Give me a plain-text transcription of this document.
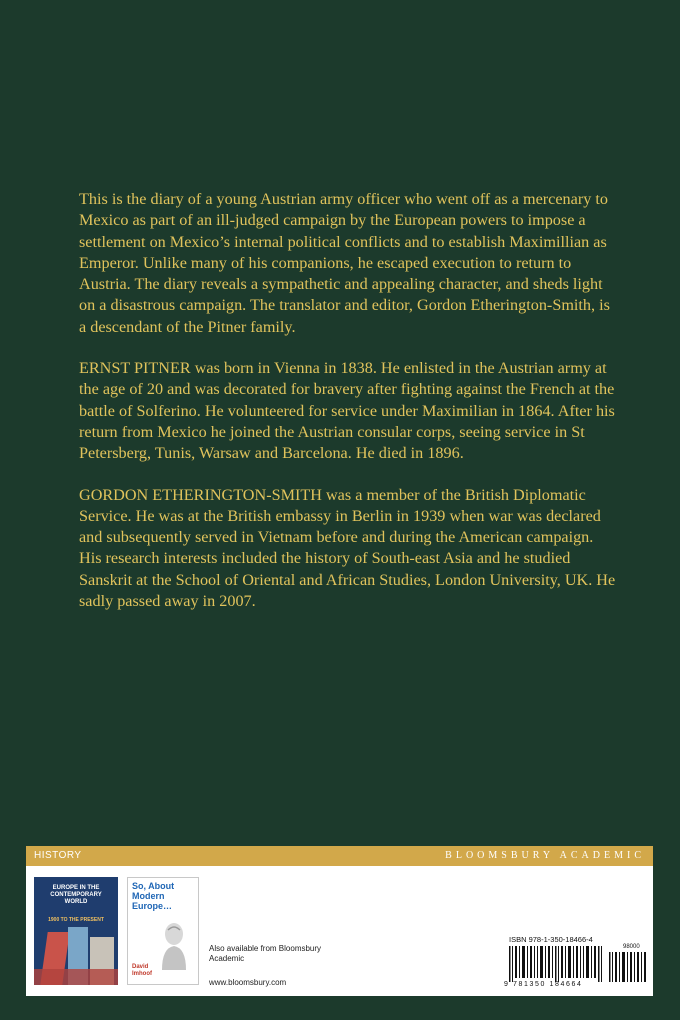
This is the diary of a young Austrian army officer who went off as a mercenary to Mexico as part of an ill-judged campaign by the European powers to impose a settlement on Mexico’s internal political conflicts and to establish Maximillian as Emperor. Unlike many of his companions, he escaped execution to return to Austria. The diary reveals a sympathetic and appealing character, and sheds light on a disastrous campaign. The translator and editor, Gordon Etherington-Smith, is a descendant of the Pitner family.

ERNST PITNER was born in Vienna in 1838. He enlisted in the Austrian army at the age of 20 and was decorated for bravery after fighting against the French at the battle of Solferino. He volunteered for service under Maximilian in 1864. After his return from Mexico he joined the Austrian consular corps, seeing service in St Petersberg, Tunis, Warsaw and Barcelona. He died in 1896.

GORDON ETHERINGTON-SMITH was a member of the British Diplomatic Service. He was at the British embassy in Berlin in 1939 when war was declared and subsequently served in Vietnam before and during the American campaign. His research interests included the history of South-east Asia and he studied Sanskrit at the School of Oriental and African Studies, London University, UK. He sadly passed away in 2007.

HISTORY	BLOOMSBURY ACADEMIC
EUROPE IN THE CONTEMPORARY WORLD
1900 TO THE PRESENT
So, About Modern Europe…
David Imhoof
Also available from Bloomsbury Academic
www.bloomsbury.com
ISBN 978-1-350-18466-4
98000
9 781350 184664
